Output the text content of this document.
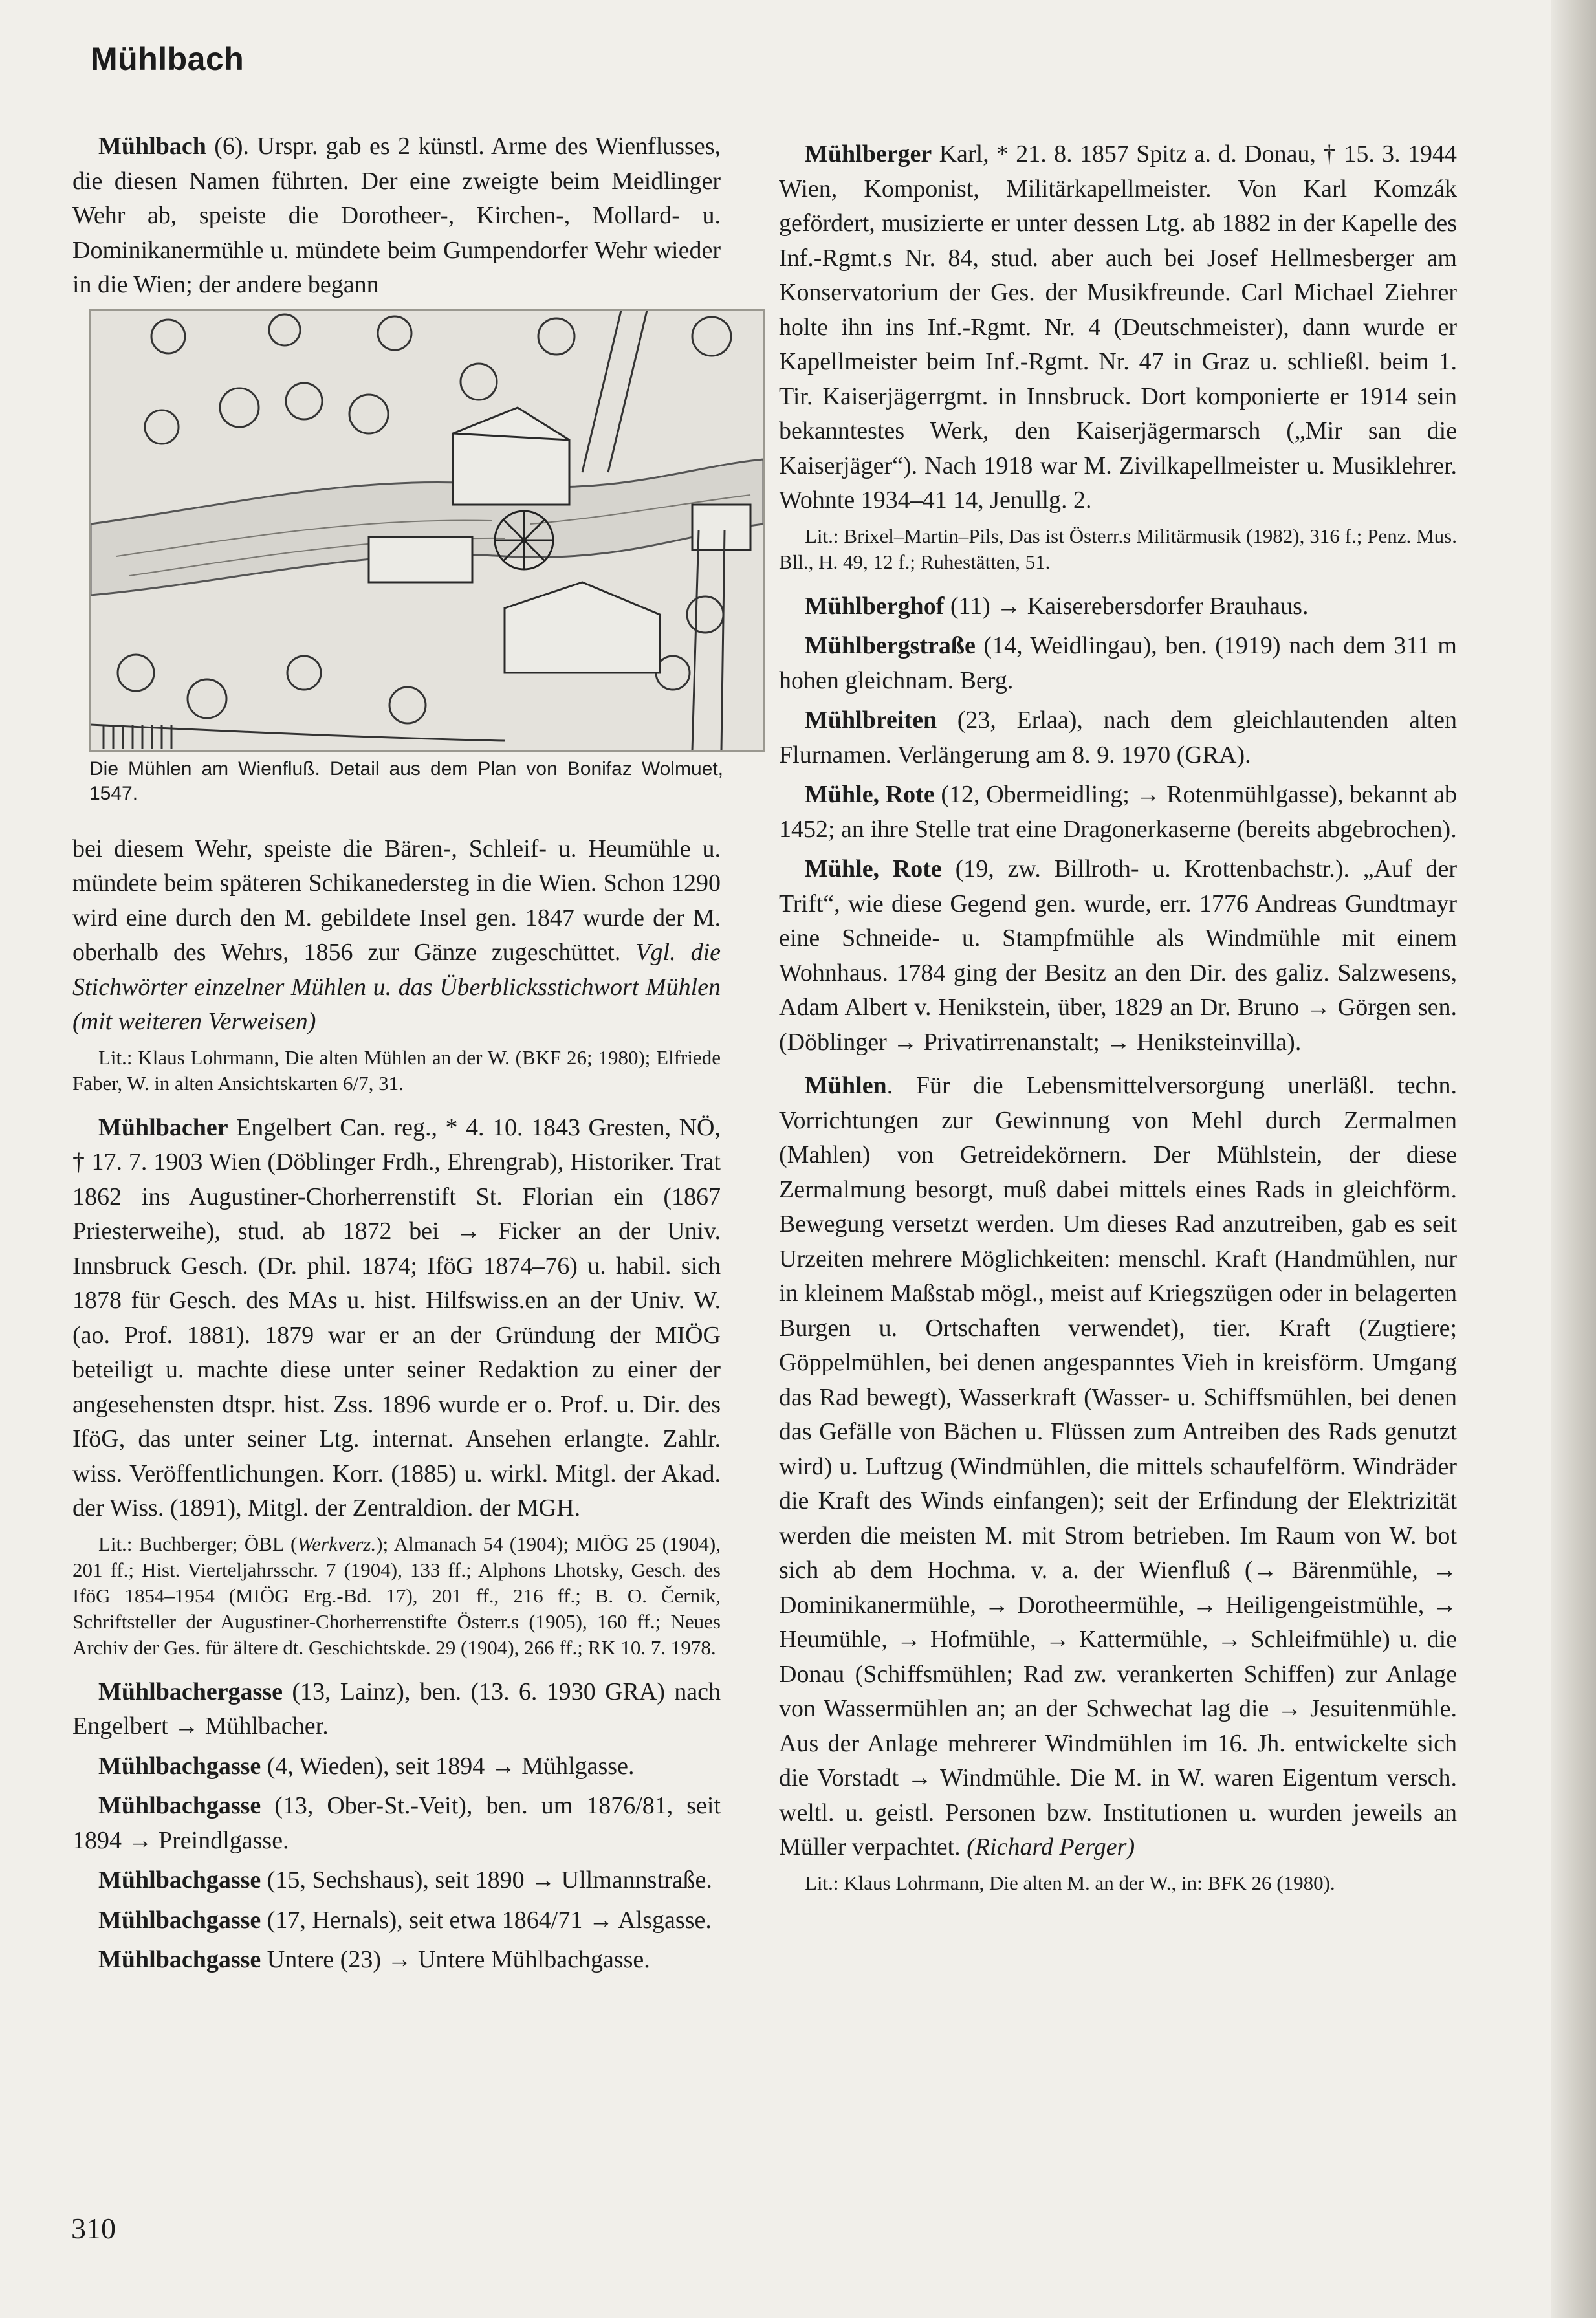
Mühlbach

Mühlbach (6). Urspr. gab es 2 künstl. Arme des Wienflusses, die diesen Namen führten. Der eine zweigte beim Meidlinger Wehr ab, speiste die Dorotheer-, Kirchen-, Mollard- u. Dominikanermühle u. mündete beim Gumpendorfer Wehr wieder in die Wien; der andere begann

Die Mühlen am Wienfluß. Detail aus dem Plan von Bonifaz Wolmuet, 1547.

bei diesem Wehr, speiste die Bären-, Schleif- u. Heumühle u. mündete beim späteren Schikanedersteg in die Wien. Schon 1290 wird eine durch den M. gebildete Insel gen. 1847 wurde der M. oberhalb des Wehrs, 1856 zur Gänze zugeschüttet. Vgl. die Stichwörter einzelner Mühlen u. das Überblicksstichwort Mühlen (mit weiteren Verweisen)

Lit.: Klaus Lohrmann, Die alten Mühlen an der W. (BKF 26; 1980); Elfriede Faber, W. in alten Ansichtskarten 6/7, 31.

Mühlbacher Engelbert Can. reg., * 4. 10. 1843 Gresten, NÖ, † 17. 7. 1903 Wien (Döblinger Frdh., Ehrengrab), Historiker. Trat 1862 ins Augustiner-Chorherrenstift St. Florian ein (1867 Priesterweihe), stud. ab 1872 bei → Ficker an der Univ. Innsbruck Gesch. (Dr. phil. 1874; IföG 1874–76) u. habil. sich 1878 für Gesch. des MAs u. hist. Hilfswiss.en an der Univ. W. (ao. Prof. 1881). 1879 war er an der Gründung der MIÖG beteiligt u. machte diese unter seiner Redaktion zu einer der angesehensten dtspr. hist. Zss. 1896 wurde er o. Prof. u. Dir. des IföG, das unter seiner Ltg. internat. Ansehen erlangte. Zahlr. wiss. Veröffentlichungen. Korr. (1885) u. wirkl. Mitgl. der Akad. der Wiss. (1891), Mitgl. der Zentraldion. der MGH.

Lit.: Buchberger; ÖBL (Werkverz.); Almanach 54 (1904); MIÖG 25 (1904), 201 ff.; Hist. Vierteljahrsschr. 7 (1904), 133 ff.; Alphons Lhotsky, Gesch. des IföG 1854–1954 (MIÖG Erg.-Bd. 17), 201 ff., 216 ff.; B. O. Černik, Schriftsteller der Augustiner-Chorherrenstifte Österr.s (1905), 160 ff.; Neues Archiv der Ges. für ältere dt. Geschichtskde. 29 (1904), 266 ff.; RK 10. 7. 1978.

Mühlbachergasse (13, Lainz), ben. (13. 6. 1930 GRA) nach Engelbert → Mühlbacher.

Mühlbachgasse (4, Wieden), seit 1894 → Mühlgasse.

Mühlbachgasse (13, Ober-St.-Veit), ben. um 1876/81, seit 1894 → Preindlgasse.

Mühlbachgasse (15, Sechshaus), seit 1890 → Ullmannstraße.

Mühlbachgasse (17, Hernals), seit etwa 1864/71 → Alsgasse.

Mühlbachgasse Untere (23) → Untere Mühlbachgasse.

Mühlberger Karl, * 21. 8. 1857 Spitz a. d. Donau, † 15. 3. 1944 Wien, Komponist, Militärkapellmeister. Von Karl Komzák gefördert, musizierte er unter dessen Ltg. ab 1882 in der Kapelle des Inf.-Rgmt.s Nr. 84, stud. aber auch bei Josef Hellmesberger am Konservatorium der Ges. der Musikfreunde. Carl Michael Ziehrer holte ihn ins Inf.-Rgmt. Nr. 4 (Deutschmeister), dann wurde er Kapellmeister beim Inf.-Rgmt. Nr. 47 in Graz u. schließl. beim 1. Tir. Kaiserjägerrgmt. in Innsbruck. Dort komponierte er 1914 sein bekanntestes Werk, den Kaiserjägermarsch („Mir san die Kaiserjäger“). Nach 1918 war M. Zivilkapellmeister u. Musiklehrer. Wohnte 1934–41 14, Jenullg. 2.

Lit.: Brixel–Martin–Pils, Das ist Österr.s Militärmusik (1982), 316 f.; Penz. Mus. Bll., H. 49, 12 f.; Ruhestätten, 51.

Mühlberghof (11) → Kaiserebersdorfer Brauhaus.

Mühlbergstraße (14, Weidlingau), ben. (1919) nach dem 311 m hohen gleichnam. Berg.

Mühlbreiten (23, Erlaa), nach dem gleichlautenden alten Flurnamen. Verlängerung am 8. 9. 1970 (GRA).

Mühle, Rote (12, Obermeidling; → Rotenmühlgasse), bekannt ab 1452; an ihre Stelle trat eine Dragonerkaserne (bereits abgebrochen).

Mühle, Rote (19, zw. Billroth- u. Krottenbachstr.). „Auf der Trift“, wie diese Gegend gen. wurde, err. 1776 Andreas Gundtmayr eine Schneide- u. Stampfmühle als Windmühle mit einem Wohnhaus. 1784 ging der Besitz an den Dir. des galiz. Salzwesens, Adam Albert v. Henikstein, über, 1829 an Dr. Bruno → Görgen sen. (Döblinger → Privatirrenanstalt; → Heniksteinvilla).

Mühlen. Für die Lebensmittelversorgung unerläßl. techn. Vorrichtungen zur Gewinnung von Mehl durch Zermalmen (Mahlen) von Getreidekörnern. Der Mühlstein, der diese Zermalmung besorgt, muß dabei mittels eines Rads in gleichförm. Bewegung versetzt werden. Um dieses Rad anzutreiben, gab es seit Urzeiten mehrere Möglichkeiten: menschl. Kraft (Handmühlen, nur in kleinem Maßstab mögl., meist auf Kriegszügen oder in belagerten Burgen u. Ortschaften verwendet), tier. Kraft (Zugtiere; Göppelmühlen, bei denen angespanntes Vieh in kreisförm. Umgang das Rad bewegt), Wasserkraft (Wasser- u. Schiffsmühlen, bei denen das Gefälle von Bächen u. Flüssen zum Antreiben des Rads genutzt wird) u. Luftzug (Windmühlen, die mittels schaufelförm. Windräder die Kraft des Winds einfangen); seit der Erfindung der Elektrizität werden die meisten M. mit Strom betrieben. Im Raum von W. bot sich ab dem Hochma. v. a. der Wienfluß (→ Bärenmühle, → Dominikanermühle, → Dorotheermühle, → Heiligengeistmühle, → Heumühle, → Hofmühle, → Kattermühle, → Schleifmühle) u. die Donau (Schiffsmühlen; Rad zw. verankerten Schiffen) zur Anlage von Wassermühlen an; an der Schwechat lag die → Jesuitenmühle. Aus der Anlage mehrerer Windmühlen im 16. Jh. entwickelte sich die Vorstadt → Windmühle. Die M. in W. waren Eigentum versch. weltl. u. geistl. Personen bzw. Institutionen u. wurden jeweils an Müller verpachtet. (Richard Perger)

Lit.: Klaus Lohrmann, Die alten M. an der W., in: BFK 26 (1980).

310
